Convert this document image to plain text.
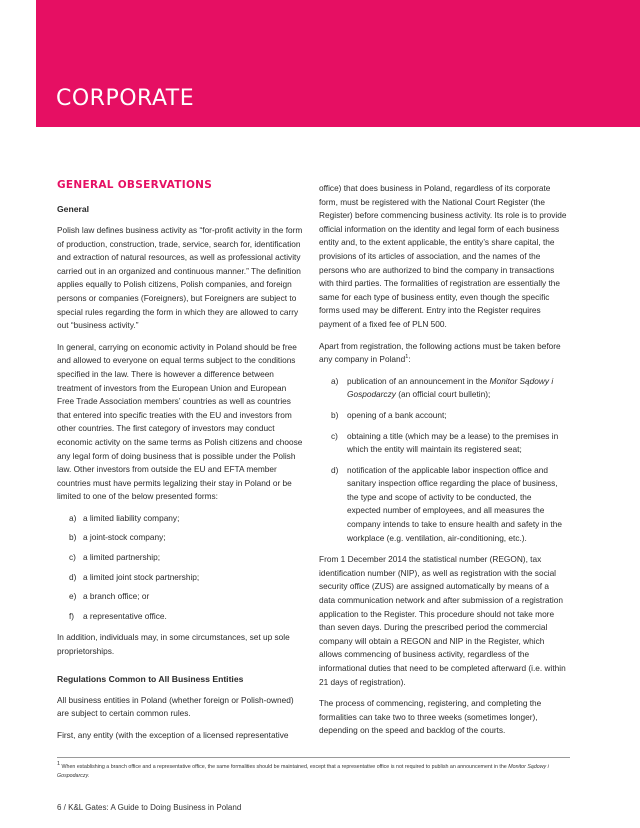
CORPORATE
GENERAL OBSERVATIONS
General

Polish law defines business activity as “for-profit activity in the form of production, construction, trade, service, search for, identification and extraction of natural resources, as well as professional activity carried out in an organized and continuous manner.” The definition applies equally to Polish citizens, Polish companies, and foreign persons or companies (Foreigners), but Foreigners are subject to special rules regarding the form in which they are allowed to carry out “business activity.”

In general, carrying on economic activity in Poland should be free and allowed to everyone on equal terms subject to the conditions specified in the law. There is however a difference between treatment of investors from the European Union and European Free Trade Association members’ countries as well as countries that entered into specific treaties with the EU and investors from other countries. The first category of investors may conduct economic activity on the same terms as Polish citizens and choose any legal form of doing business that is possible under the Polish law. Other investors from outside the EU and EFTA member countries must have permits legalizing their stay in Poland or be limited to one of the below presented forms:

a) a limited liability company;
b) a joint-stock company;
c) a limited partnership;
d) a limited joint stock partnership;
e) a branch office; or
f) a representative office.

In addition, individuals may, in some circumstances, set up sole proprietorships.

Regulations Common to All Business Entities

All business entities in Poland (whether foreign or Polish-owned) are subject to certain common rules.

First, any entity (with the exception of a licensed representative

office) that does business in Poland, regardless of its corporate form, must be registered with the National Court Register (the Register) before commencing business activity. Its role is to provide official information on the identity and legal form of each business entity and, to the extent applicable, the entity’s share capital, the provisions of its articles of association, and the names of the persons who are authorized to bind the company in transactions with third parties. The formalities of registration are essentially the same for each type of business entity, even though the specific forms used may be different. Entry into the Register requires payment of a fixed fee of PLN 500.

Apart from registration, the following actions must be taken before any company in Poland$^1$:

a) publication of an announcement in the Monitor Sądowy i Gospodarczy (an official court bulletin);
b) opening of a bank account;
c) obtaining a title (which may be a lease) to the premises in which the entity will maintain its registered seat;
d) notification of the applicable labor inspection office and sanitary inspection office regarding the place of business, the type and scope of activity to be conducted, the expected number of employees, and all measures the company intends to take to ensure health and safety in the workplace (e.g. ventilation, air-conditioning, etc.).

From 1 December 2014 the statistical number (REGON), tax identification number (NIP), as well as registration with the social security office (ZUS) are assigned automatically by means of a data communication network and after submission of a registration application to the Register. This procedure should not take more than seven days. During the prescribed period the commercial company will obtain a REGON and NIP in the Register, which allows commencing of business activity, regardless of the informational duties that need to be completed afterward (i.e. within 21 days of registration).

The process of commencing, registering, and completing the formalities can take two to three weeks (sometimes longer), depending on the speed and backlog of the courts.

$^1$ When establishing a branch office and a representative office, the same formalities should be maintained, except that a representative office is not required to publish an announcement in the Monitor Sądowy i Gospodarczy.
6 / K&L Gates: A Guide to Doing Business in Poland
